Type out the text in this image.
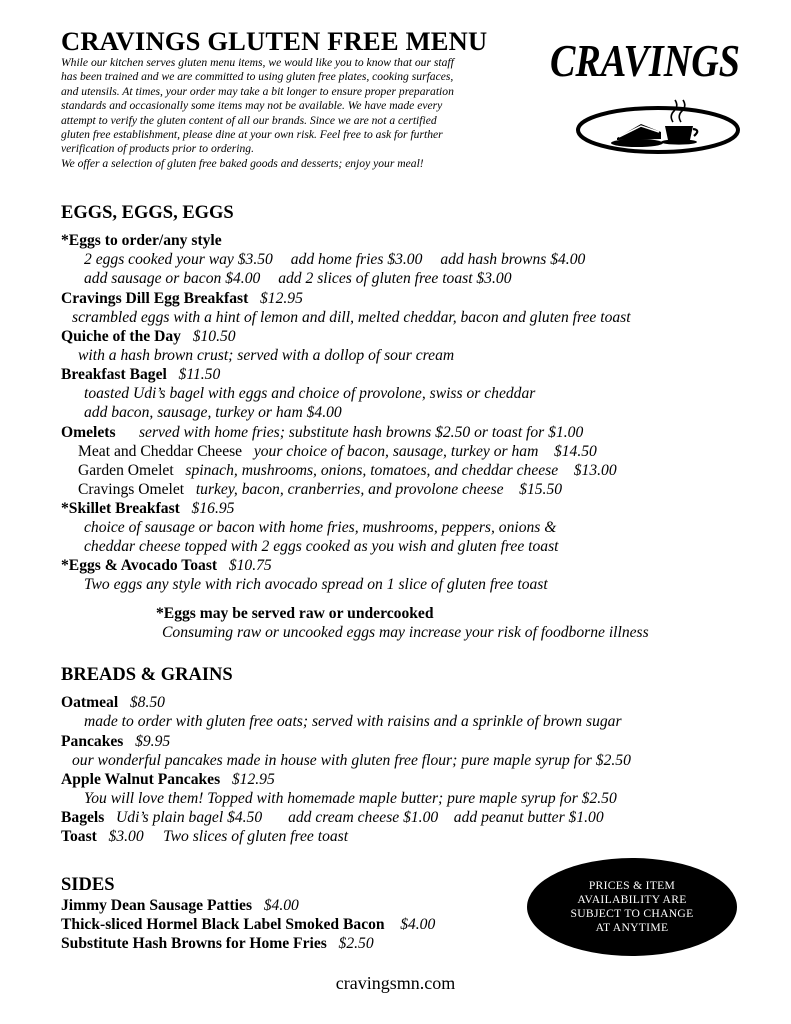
CRAVINGS GLUTEN FREE MENU
While our kitchen serves gluten menu items, we would like you to know that our staff
has been trained and we are committed to using gluten free plates, cooking surfaces,
and utensils. At times, your order may take a bit longer to ensure proper preparation
standards and occasionally some items may not be available. We have made every
attempt to verify the gluten content of all our brands. Since we are not a certified
gluten free establishment, please dine at your own risk. Feel free to ask for further
verification of products prior to ordering.
We offer a selection of gluten free baked goods and desserts; enjoy your meal!
CRAVINGS
EGGS, EGGS, EGGS
*Eggs to order/any style
2 eggs cooked your way $3.50 add home fries $3.00 add hash browns $4.00
add sausage or bacon $4.00 add 2 slices of gluten free toast $3.00
Cravings Dill Egg Breakfast $12.95
scrambled eggs with a hint of lemon and dill, melted cheddar, bacon and gluten free toast
Quiche of the Day $10.50
with a hash brown crust; served with a dollop of sour cream
Breakfast Bagel $11.50
toasted Udi’s bagel with eggs and choice of provolone, swiss or cheddar
add bacon, sausage, turkey or ham $4.00
Omelets served with home fries; substitute hash browns $2.50 or toast for $1.00
Meat and Cheddar Cheese your choice of bacon, sausage, turkey or ham $14.50
Garden Omelet spinach, mushrooms, onions, tomatoes, and cheddar cheese $13.00
Cravings Omelet turkey, bacon, cranberries, and provolone cheese $15.50
*Skillet Breakfast $16.95
choice of sausage or bacon with home fries, mushrooms, peppers, onions &
cheddar cheese topped with 2 eggs cooked as you wish and gluten free toast
*Eggs & Avocado Toast $10.75
Two eggs any style with rich avocado spread on 1 slice of gluten free toast
*Eggs may be served raw or undercooked
Consuming raw or uncooked eggs may increase your risk of foodborne illness
BREADS & GRAINS
Oatmeal $8.50
made to order with gluten free oats; served with raisins and a sprinkle of brown sugar
Pancakes $9.95
our wonderful pancakes made in house with gluten free flour; pure maple syrup for $2.50
Apple Walnut Pancakes $12.95
You will love them! Topped with homemade maple butter; pure maple syrup for $2.50
Bagels Udi’s plain bagel $4.50 add cream cheese $1.00 add peanut butter $1.00
Toast $3.00 Two slices of gluten free toast
SIDES
Jimmy Dean Sausage Patties $4.00
Thick-sliced Hormel Black Label Smoked Bacon $4.00
Substitute Hash Browns for Home Fries $2.50
PRICES & ITEM
AVAILABILITY ARE
SUBJECT TO CHANGE
AT ANYTIME
cravingsmn.com
